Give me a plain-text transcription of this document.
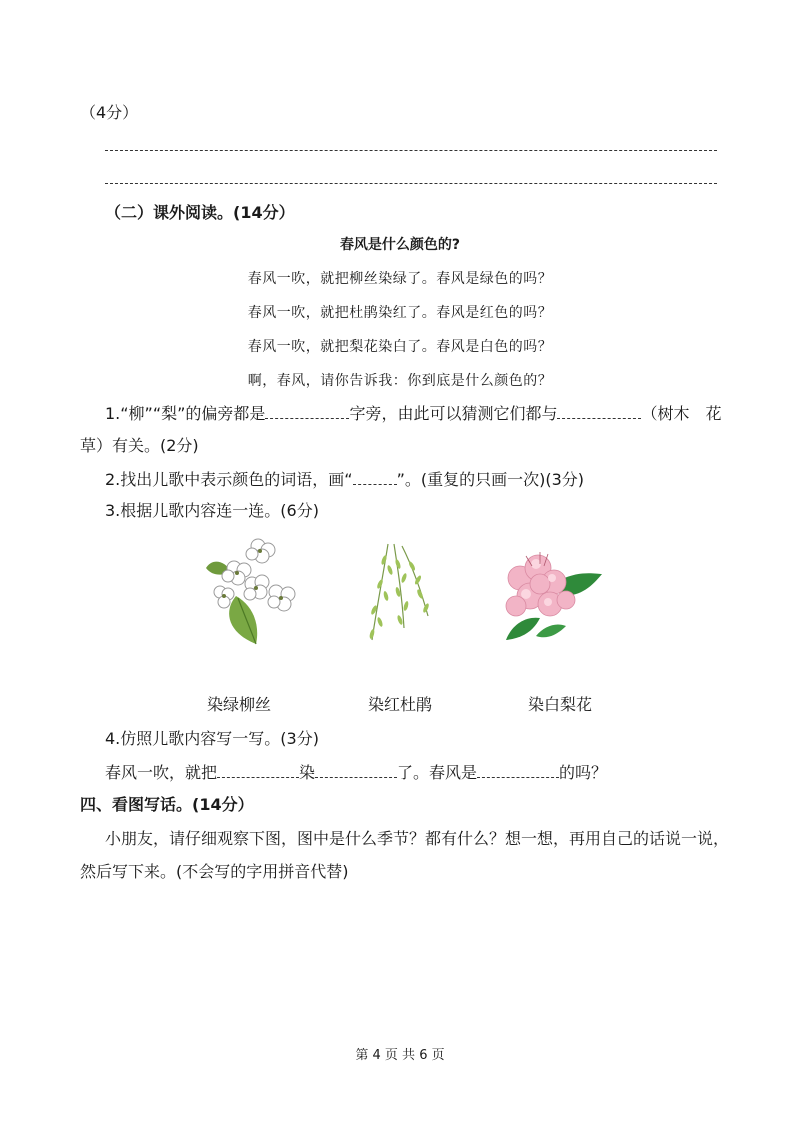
（4分）
（二）课外阅读。(14分）
春风是什么颜色的?
春风一吹，就把柳丝染绿了。春风是绿色的吗？
春风一吹，就把杜鹃染红了。春风是红色的吗？
春风一吹，就把梨花染白了。春风是白色的吗？
啊，春风，请你告诉我：你到底是什么颜色的？
1.“柳”“梨”的偏旁都是	字旁，由此可以猜测它们都与	（树木　花
草）有关。(2分)
2.找出儿歌中表示颜色的词语，画“	”。(重复的只画一次)(3分)
3.根据儿歌内容连一连。(6分)
染绿柳丝	染红杜鹃	染白梨花
4.仿照儿歌内容写一写。(3分)
春风一吹，就把	染	了。春风是	的吗？
四、看图写话。(14分）
小朋友，请仔细观察下图，图中是什么季节？都有什么？想一想，再用自己的话说一说，
然后写下来。(不会写的字用拼音代替)
第 4 页 共 6 页
